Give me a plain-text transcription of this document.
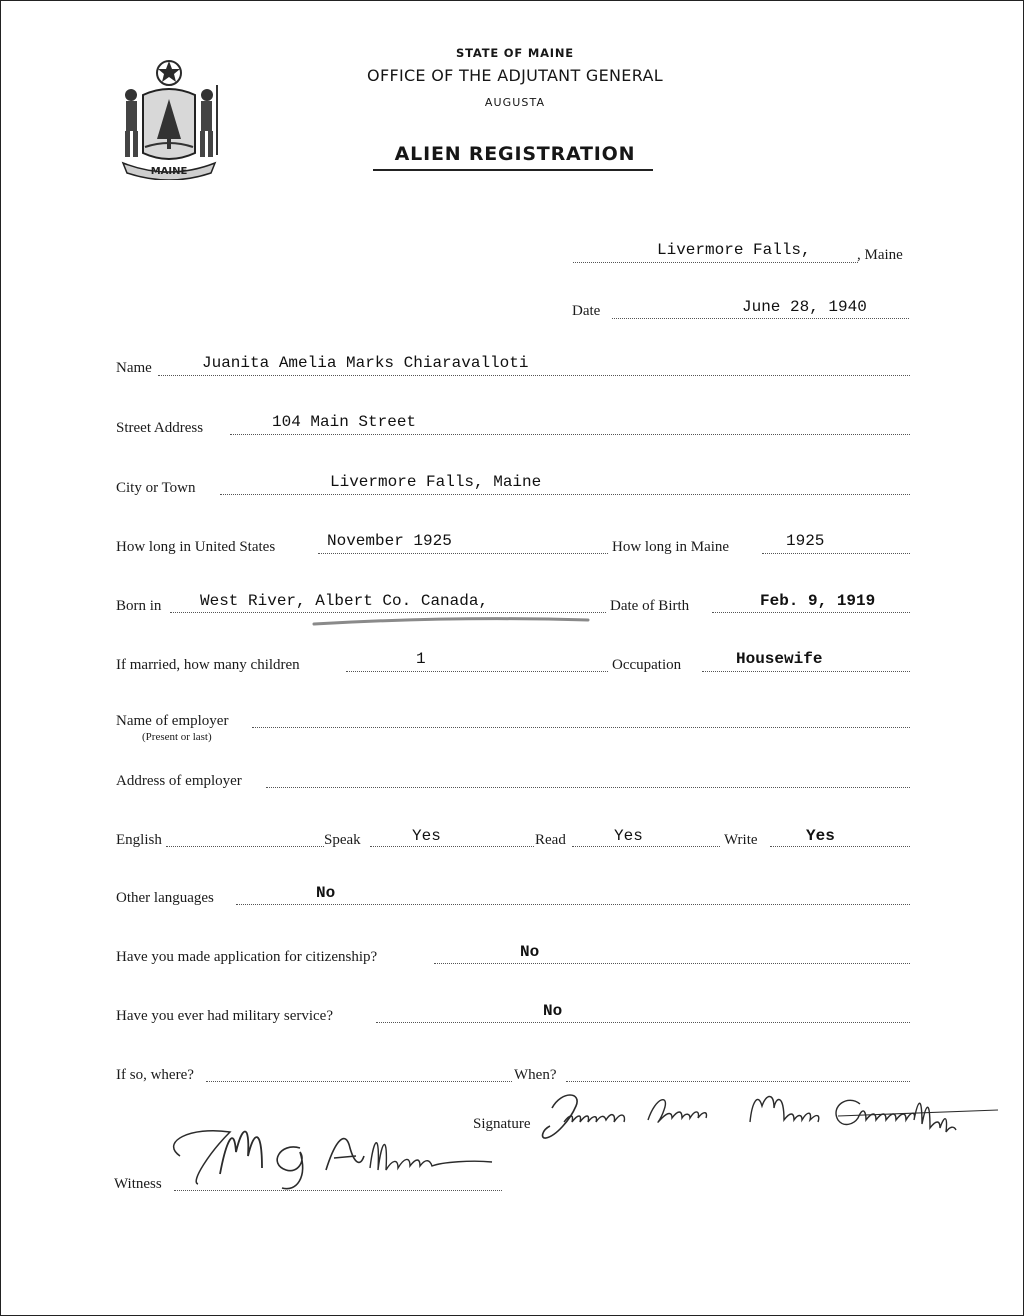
MAINE
STATE OF MAINE
OFFICE OF THE ADJUTANT GENERAL
AUGUSTA
ALIEN REGISTRATION
Livermore Falls,	, Maine
Date	June 28, 1940
Name	Juanita Amelia Marks Chiaravalloti
Street Address	104 Main Street
City or Town	Livermore Falls, Maine
How long in United States	November 1925	How long in Maine	1925
Born in West River, Albert Co. Canada,	Date of Birth	Feb. 9, 1919
If married, how many children	1	Occupation	Housewife
Name of employer
(Present or last)
Address of employer
English	Speak	Yes	Read	Yes	Write	Yes
Other languages	No
Have you made application for citizenship?	No
Have you ever had military service?	No
If so, where?	When?
Signature
Witness
